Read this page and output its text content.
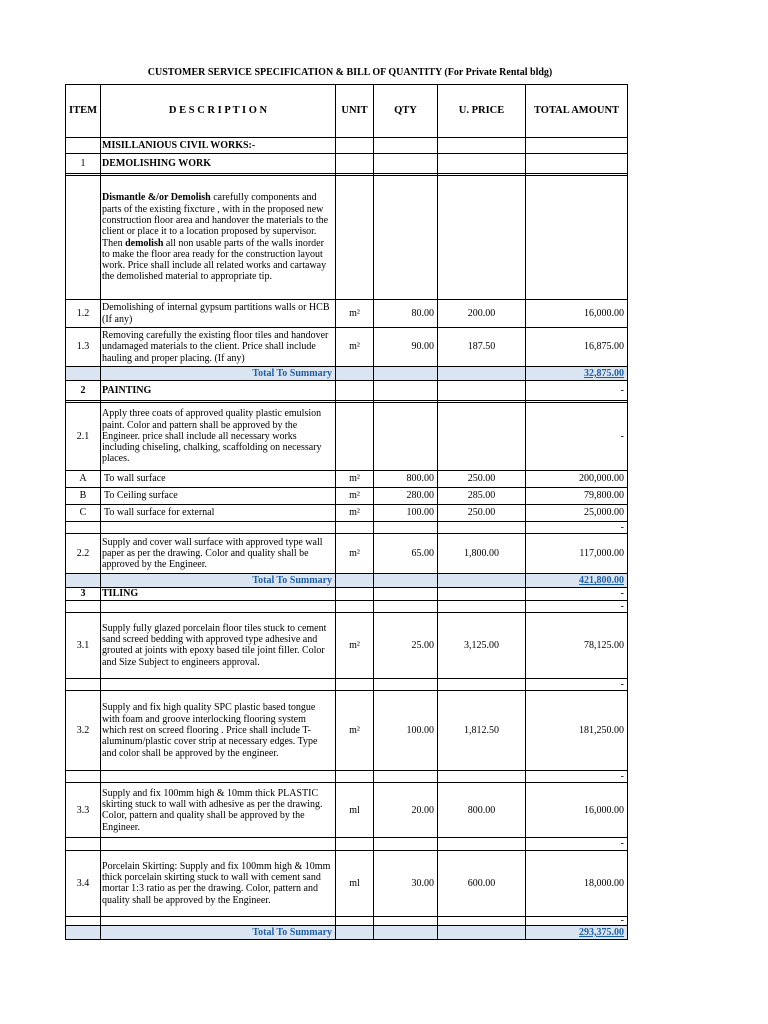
CUSTOMER SERVICE SPECIFICATION & BILL OF QUANTITY (For Private Rental bldg)
ITEM	D E S C R I P T I O N	UNIT	QTY	U. PRICE	TOTAL AMOUNT
	MISILLANIOUS CIVIL WORKS:-				
1	DEMOLISHING WORK				

	Dismantle &/or Demolish carefully components and parts of the existing fixcture , with in the proposed new construction floor area and handover the materials to the client or place it to a location proposed by supervisor. Then demolish all non usable parts of the walls inorder to make the floor area ready for the construction layout work. Price shall include all related works and cartaway the demolished material to appropriate tip.				
1.2	Demolishing of internal gypsum partitions walls or HCB (If any)	m²	80.00	200.00	16,000.00
1.3	Removing carefully the existing floor tiles and handover undamaged materials to the client. Price shall include hauling and proper placing. (If any)	m²	90.00	187.50	16,875.00
	Total To Summary				32,875.00
2	PAINTING				-

2.1	Apply three coats of approved quality plastic emulsion paint. Color and pattern shall be approved by the Engineer. price shall include all necessary works including chiseling, chalking, scaffolding on necessary places.				-
A	To wall surface	m²	800.00	250.00	200,000.00
B	To Ceiling surface	m²	280.00	285.00	79,800.00
C	To wall surface for external	m²	100.00	250.00	25,000.00
					-
2.2	Supply and cover wall surface with approved type wall paper as per the drawing. Color and quality shall be approved by the Engineer.	m²	65.00	1,800.00	117,000.00
	Total To Summary				421,800.00
3	TILING				-
					-
3.1	Supply fully glazed porcelain floor tiles stuck to cement sand screed bedding with approved type adhesive and grouted at joints with epoxy based tile joint filler. Color and Size Subject to engineers approval.	m²	25.00	3,125.00	78,125.00
					-
3.2	Supply and fix high quality SPC plastic based tongue with foam and groove interlocking flooring system which rest on screed flooring . Price shall include T-aluminum/plastic cover strip at necessary edges. Type and color shall be approved by the engineer.	m²	100.00	1,812.50	181,250.00
					-
3.3	Supply and fix 100mm high & 10mm thick PLASTIC skirting stuck to wall with adhesive as per the drawing. Color, pattern and quality shall be approved by the Engineer.	ml	20.00	800.00	16,000.00
					-
3.4	Porcelain Skirting: Supply and fix 100mm high & 10mm thick porcelain skirting stuck to wall with cement sand mortar 1:3 ratio as per the drawing. Color, pattern and quality shall be approved by the Engineer.	ml	30.00	600.00	18,000.00
					-
	Total To Summary				293,375.00
